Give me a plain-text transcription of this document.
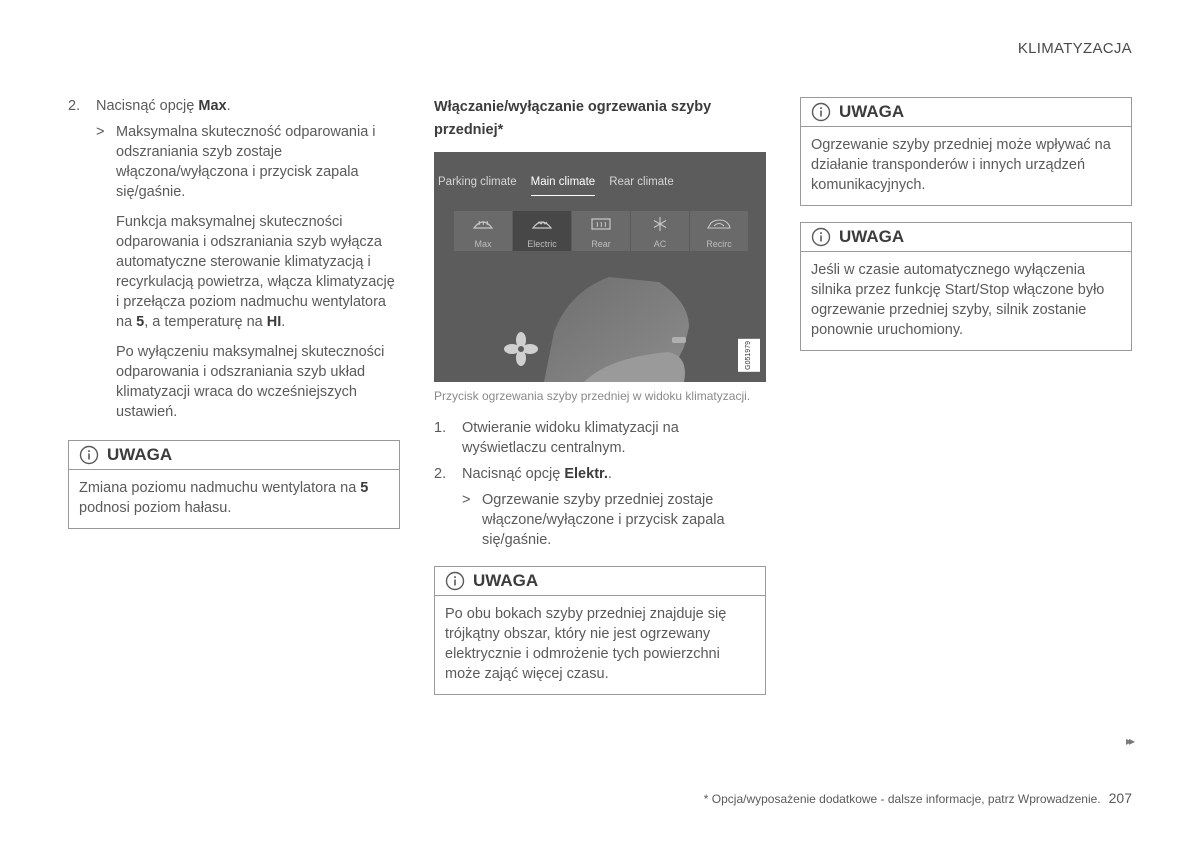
KLIMATYZACJA
2.	Nacisnąć opcję Max.
> Maksymalna skuteczność odparowania i odszraniania szyb zostaje włączona/wyłączona i przycisk zapala się/gaśnie.
Funkcja maksymalnej skuteczności odparowania i odszraniania szyb wyłącza automatyczne sterowanie klimatyzacją i recyrkulacją powietrza, włącza klimatyzację i przełącza poziom nadmuchu wentylatora na 5, a temperaturę na HI.
Po wyłączeniu maksymalnej skuteczności odparowania i odszraniania szyb układ klimatyzacji wraca do wcześniejszych ustawień.
UWAGA
Zmiana poziomu nadmuchu wentylatora na 5 podnosi poziom hałasu.
Włączanie/wyłączanie ogrzewania szyby przedniej*
Parking climate Main climate Rear climate
Max	Electric	Rear	AC	Recirc
G051979
Przycisk ogrzewania szyby przedniej w widoku klimatyzacji.
1.	Otwieranie widoku klimatyzacji na wyświetlaczu centralnym.
2.	Nacisnąć opcję Elektr..
> Ogrzewanie szyby przedniej zostaje włączone/wyłączone i przycisk zapala się/gaśnie.
UWAGA
Po obu bokach szyby przedniej znajduje się trójkątny obszar, który nie jest ogrzewany elektrycznie i odmrożenie tych powierzchni może zająć więcej czasu.
UWAGA
Ogrzewanie szyby przedniej może wpływać na działanie transponderów i innych urządzeń komunikacyjnych.
UWAGA
Jeśli w czasie automatycznego wyłączenia silnika przez funkcję Start/Stop włączone było ogrzewanie przedniej szyby, silnik zostanie ponownie uruchomiony.
▸▸
* Opcja/wyposażenie dodatkowe - dalsze informacje, patrz Wprowadzenie. 207
